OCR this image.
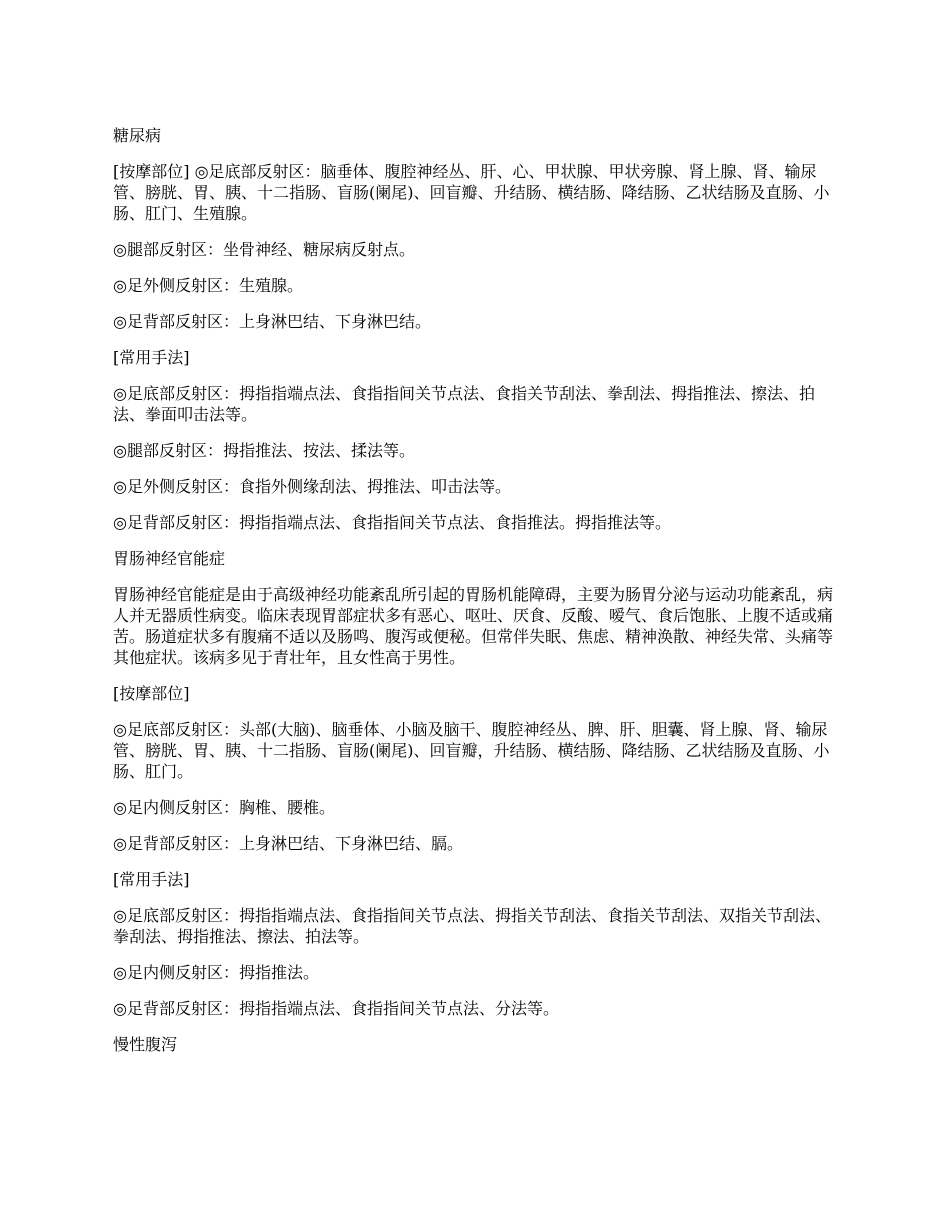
糖尿病

[按摩部位] ◎足底部反射区：脑垂体、腹腔神经丛、肝、心、甲状腺、甲状旁腺、肾上腺、肾、输尿管、膀胱、胃、胰、十二指肠、盲肠(阑尾)、回盲瓣、升结肠、横结肠、降结肠、乙状结肠及直肠、小肠、肛门、生殖腺。

◎腿部反射区：坐骨神经、糖尿病反射点。

◎足外侧反射区：生殖腺。

◎足背部反射区：上身淋巴结、下身淋巴结。

[常用手法]

◎足底部反射区：拇指指端点法、食指指间关节点法、食指关节刮法、拳刮法、拇指推法、擦法、拍法、拳面叩击法等。

◎腿部反射区：拇指推法、按法、揉法等。

◎足外侧反射区：食指外侧缘刮法、拇推法、叩击法等。

◎足背部反射区：拇指指端点法、食指指间关节点法、食指推法。拇指推法等。

胃肠神经官能症

胃肠神经官能症是由于高级神经功能紊乱所引起的胃肠机能障碍，主要为肠胃分泌与运动功能紊乱，病人并无器质性病变。临床表现胃部症状多有恶心、呕吐、厌食、反酸、嗳气、食后饱胀、上腹不适或痛苦。肠道症状多有腹痛不适以及肠鸣、腹泻或便秘。但常伴失眠、焦虑、精神涣散、神经失常、头痛等其他症状。该病多见于青壮年，且女性高于男性。

[按摩部位]

◎足底部反射区：头部(大脑)、脑垂体、小脑及脑干、腹腔神经丛、脾、肝、胆囊、肾上腺、肾、输尿管、膀胱、胃、胰、十二指肠、盲肠(阑尾)、回盲瓣，升结肠、横结肠、降结肠、乙状结肠及直肠、小肠、肛门。

◎足内侧反射区：胸椎、腰椎。

◎足背部反射区：上身淋巴结、下身淋巴结、膈。

[常用手法]

◎足底部反射区：拇指指端点法、食指指间关节点法、拇指关节刮法、食指关节刮法、双指关节刮法、拳刮法、拇指推法、擦法、拍法等。

◎足内侧反射区：拇指推法。

◎足背部反射区：拇指指端点法、食指指间关节点法、分法等。

慢性腹泻
